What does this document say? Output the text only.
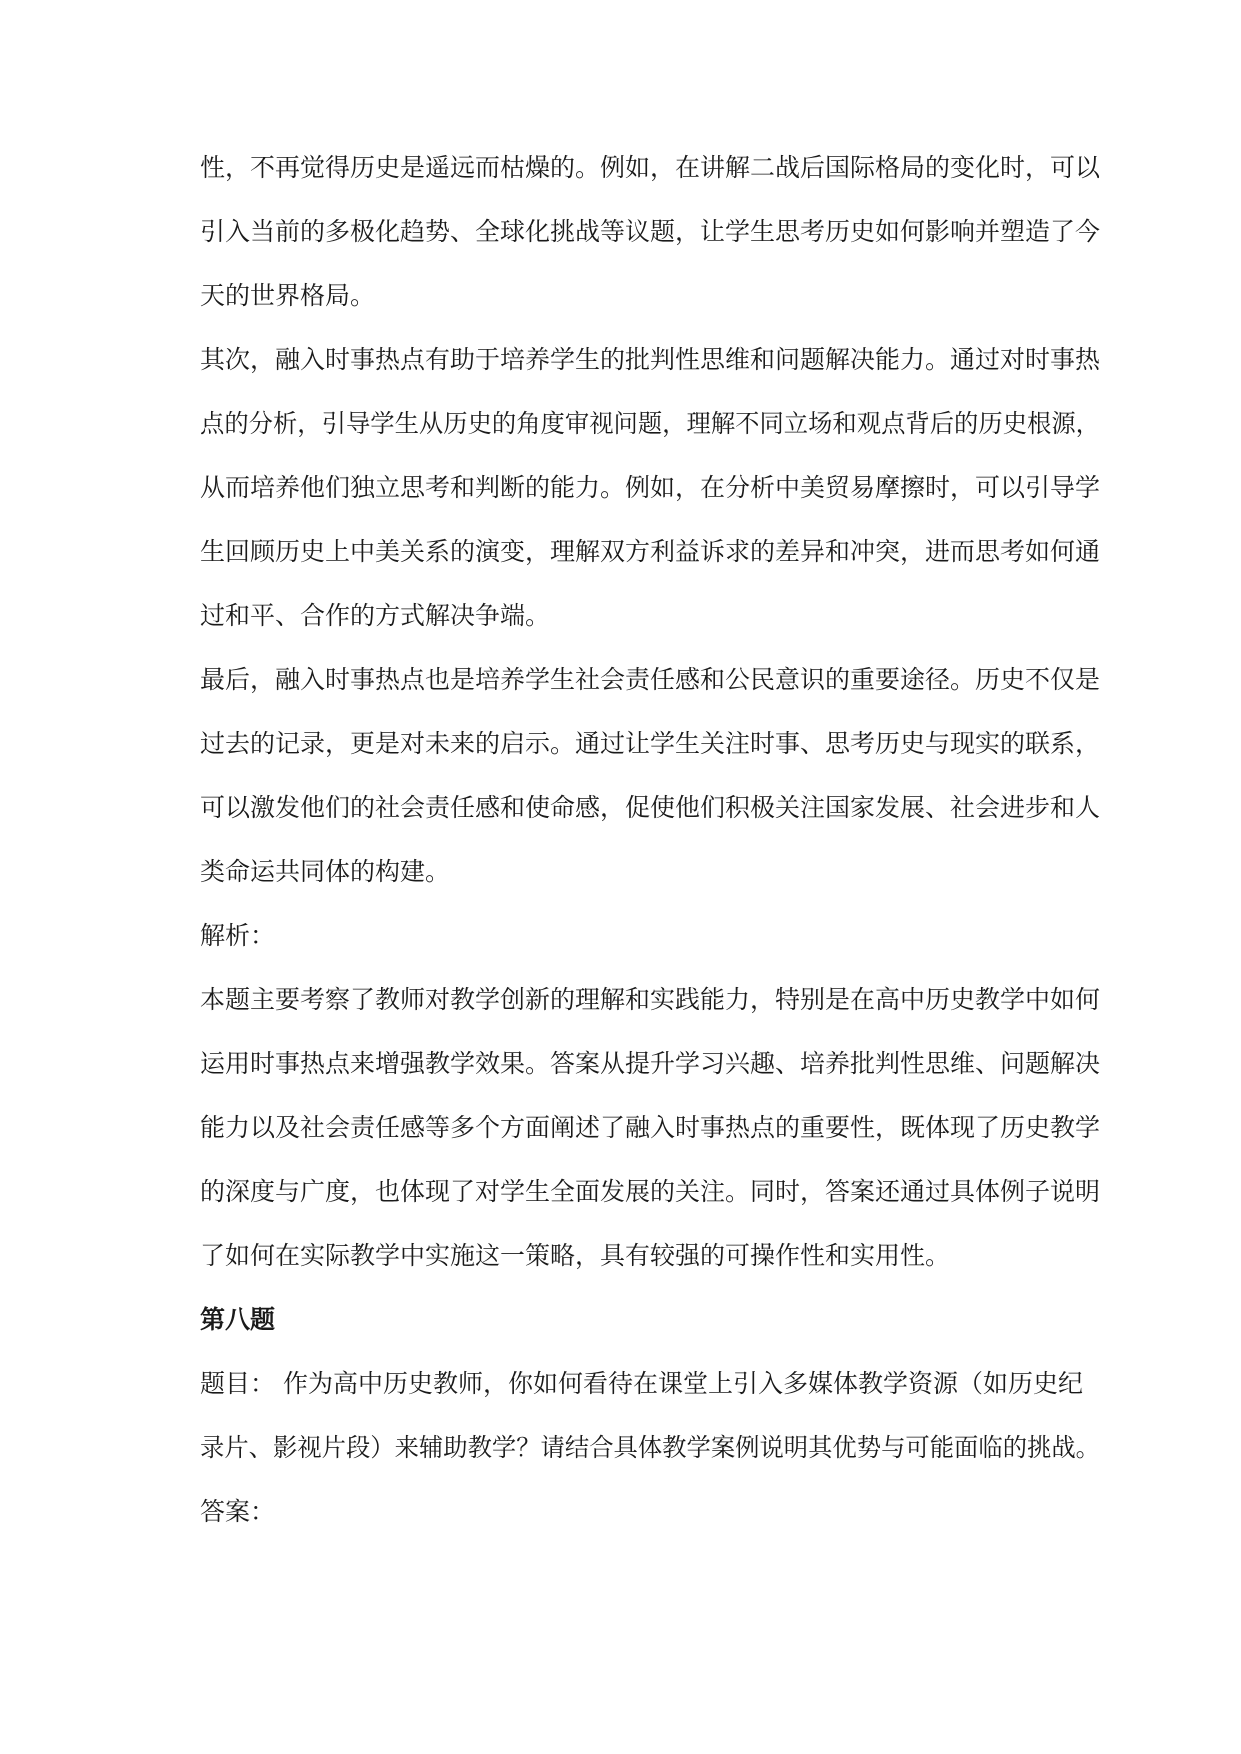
性，不再觉得历史是遥远而枯燥的。例如，在讲解二战后国际格局的变化时，可以
引入当前的多极化趋势、全球化挑战等议题，让学生思考历史如何影响并塑造了今
天的世界格局。
其次，融入时事热点有助于培养学生的批判性思维和问题解决能力。通过对时事热
点的分析，引导学生从历史的角度审视问题，理解不同立场和观点背后的历史根源，
从而培养他们独立思考和判断的能力。例如，在分析中美贸易摩擦时，可以引导学
生回顾历史上中美关系的演变，理解双方利益诉求的差异和冲突，进而思考如何通
过和平、合作的方式解决争端。
最后，融入时事热点也是培养学生社会责任感和公民意识的重要途径。历史不仅是
过去的记录，更是对未来的启示。通过让学生关注时事、思考历史与现实的联系，
可以激发他们的社会责任感和使命感，促使他们积极关注国家发展、社会进步和人
类命运共同体的构建。
解析：
本题主要考察了教师对教学创新的理解和实践能力，特别是在高中历史教学中如何
运用时事热点来增强教学效果。答案从提升学习兴趣、培养批判性思维、问题解决
能力以及社会责任感等多个方面阐述了融入时事热点的重要性，既体现了历史教学
的深度与广度，也体现了对学生全面发展的关注。同时，答案还通过具体例子说明
了如何在实际教学中实施这一策略，具有较强的可操作性和实用性。
第八题
题目： 作为高中历史教师，你如何看待在课堂上引入多媒体教学资源（如历史纪
录片、影视片段）来辅助教学？请结合具体教学案例说明其优势与可能面临的挑战。
答案：
